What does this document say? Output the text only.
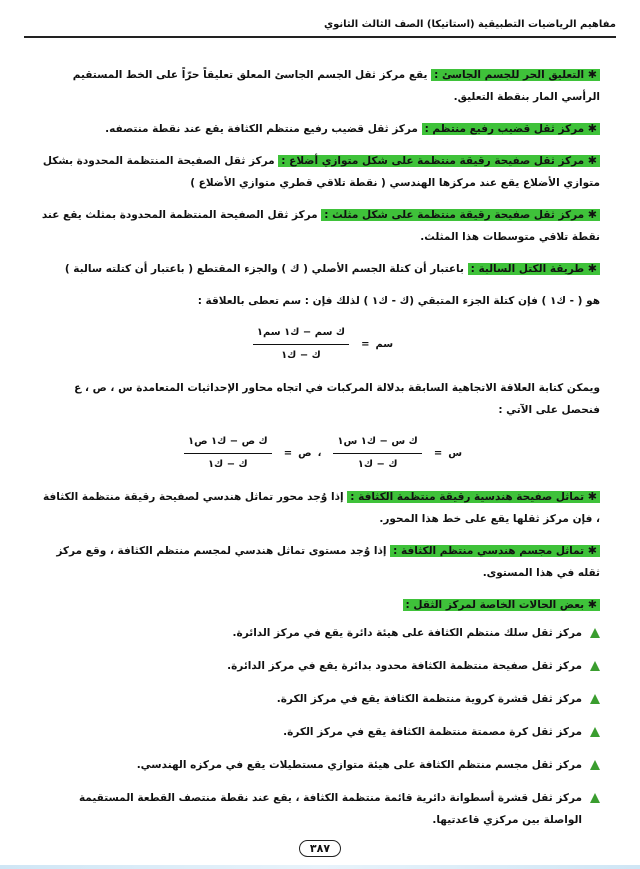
مفاهيم الرياضيات التطبيقية (استاتيكا) الصف الثالث الثانوي

✱ التعليق الحر للجسم الجاسئ : يقع مركز ثقل الجسم الجاسئ المعلق تعليقاً حرّاً على الخط المستقيم الرأسي المار بنقطة التعليق.

✱ مركز ثقل قضيب رفيع منتظم : مركز ثقل قضيب رفيع منتظم الكثافة يقع عند نقطة منتصفه.

✱ مركز ثقل صفيحة رقيقة منتظمة على شكل متوازي أضلاع : مركز ثقل الصفيحة المنتظمة المحدودة بشكل متوازي الأضلاع يقع عند مركزها الهندسي ( نقطة تلاقي قطري متوازي الأضلاع )

✱ مركز ثقل صفيحة رقيقة منتظمة على شكل مثلث : مركز ثقل الصفيحة المنتظمة المحدودة بمثلث يقع عند نقطة تلاقي متوسطات هذا المثلث.

✱ طريقة الكتل السالبة : باعتبار أن كتلة الجسم الأصلي ( ك ) والجزء المقتطع ( باعتبار أن كتلته سالبة )

هو ( - ك١ ) فإن كتلة الجزء المتبقي (ك - ك١ ) لذلك فإن : سم تعطى بالعلاقة :

$\frac{\text{ك سم − ك١ سم١}}{\text{ك − ك١}}$ = سم

ويمكن كتابة العلاقة الاتجاهية السابقة بدلالة المركبات في اتجاه محاور الإحداثيات المتعامدة س ، ص ، ع فنحصل على الآتي :

$\frac{\text{ك ص − ك١ ص١}}{\text{ك − ك١}}$ = ص ، $\frac{\text{ك س − ك١ س١}}{\text{ك − ك١}}$ = س

✱ تماثل صفيحة هندسية رقيقة منتظمة الكثافة : إذا وُجد محور تماثل هندسي لصفيحة رقيقة منتظمة الكثافة ، فإن مركز ثقلها يقع على خط هذا المحور.

✱ تماثل مجسم هندسي منتظم الكثافة : إذا وُجد مستوى تماثل هندسي لمجسم منتظم الكثافة ، وقع مركز ثقله في هذا المستوى.

✱ بعض الحالات الخاصة لمركز الثقل :

مركز ثقل سلك منتظم الكثافة على هيئة دائرة يقع في مركز الدائرة.
مركز ثقل صفيحة منتظمة الكثافة محدود بدائرة يقع في مركز الدائرة.
مركز ثقل قشرة كروية منتظمة الكثافة يقع في مركز الكرة.
مركز ثقل كرة مصمتة منتظمة الكثافة يقع في مركز الكرة.
مركز ثقل مجسم منتظم الكثافة على هيئة متوازي مستطيلات يقع في مركزه الهندسي.
مركز ثقل قشرة أسطوانة دائرية قائمة منتظمة الكثافة ، يقع عند نقطة منتصف القطعة المستقيمة الواصلة بين مركزي قاعدتيها.
٣٨٧
